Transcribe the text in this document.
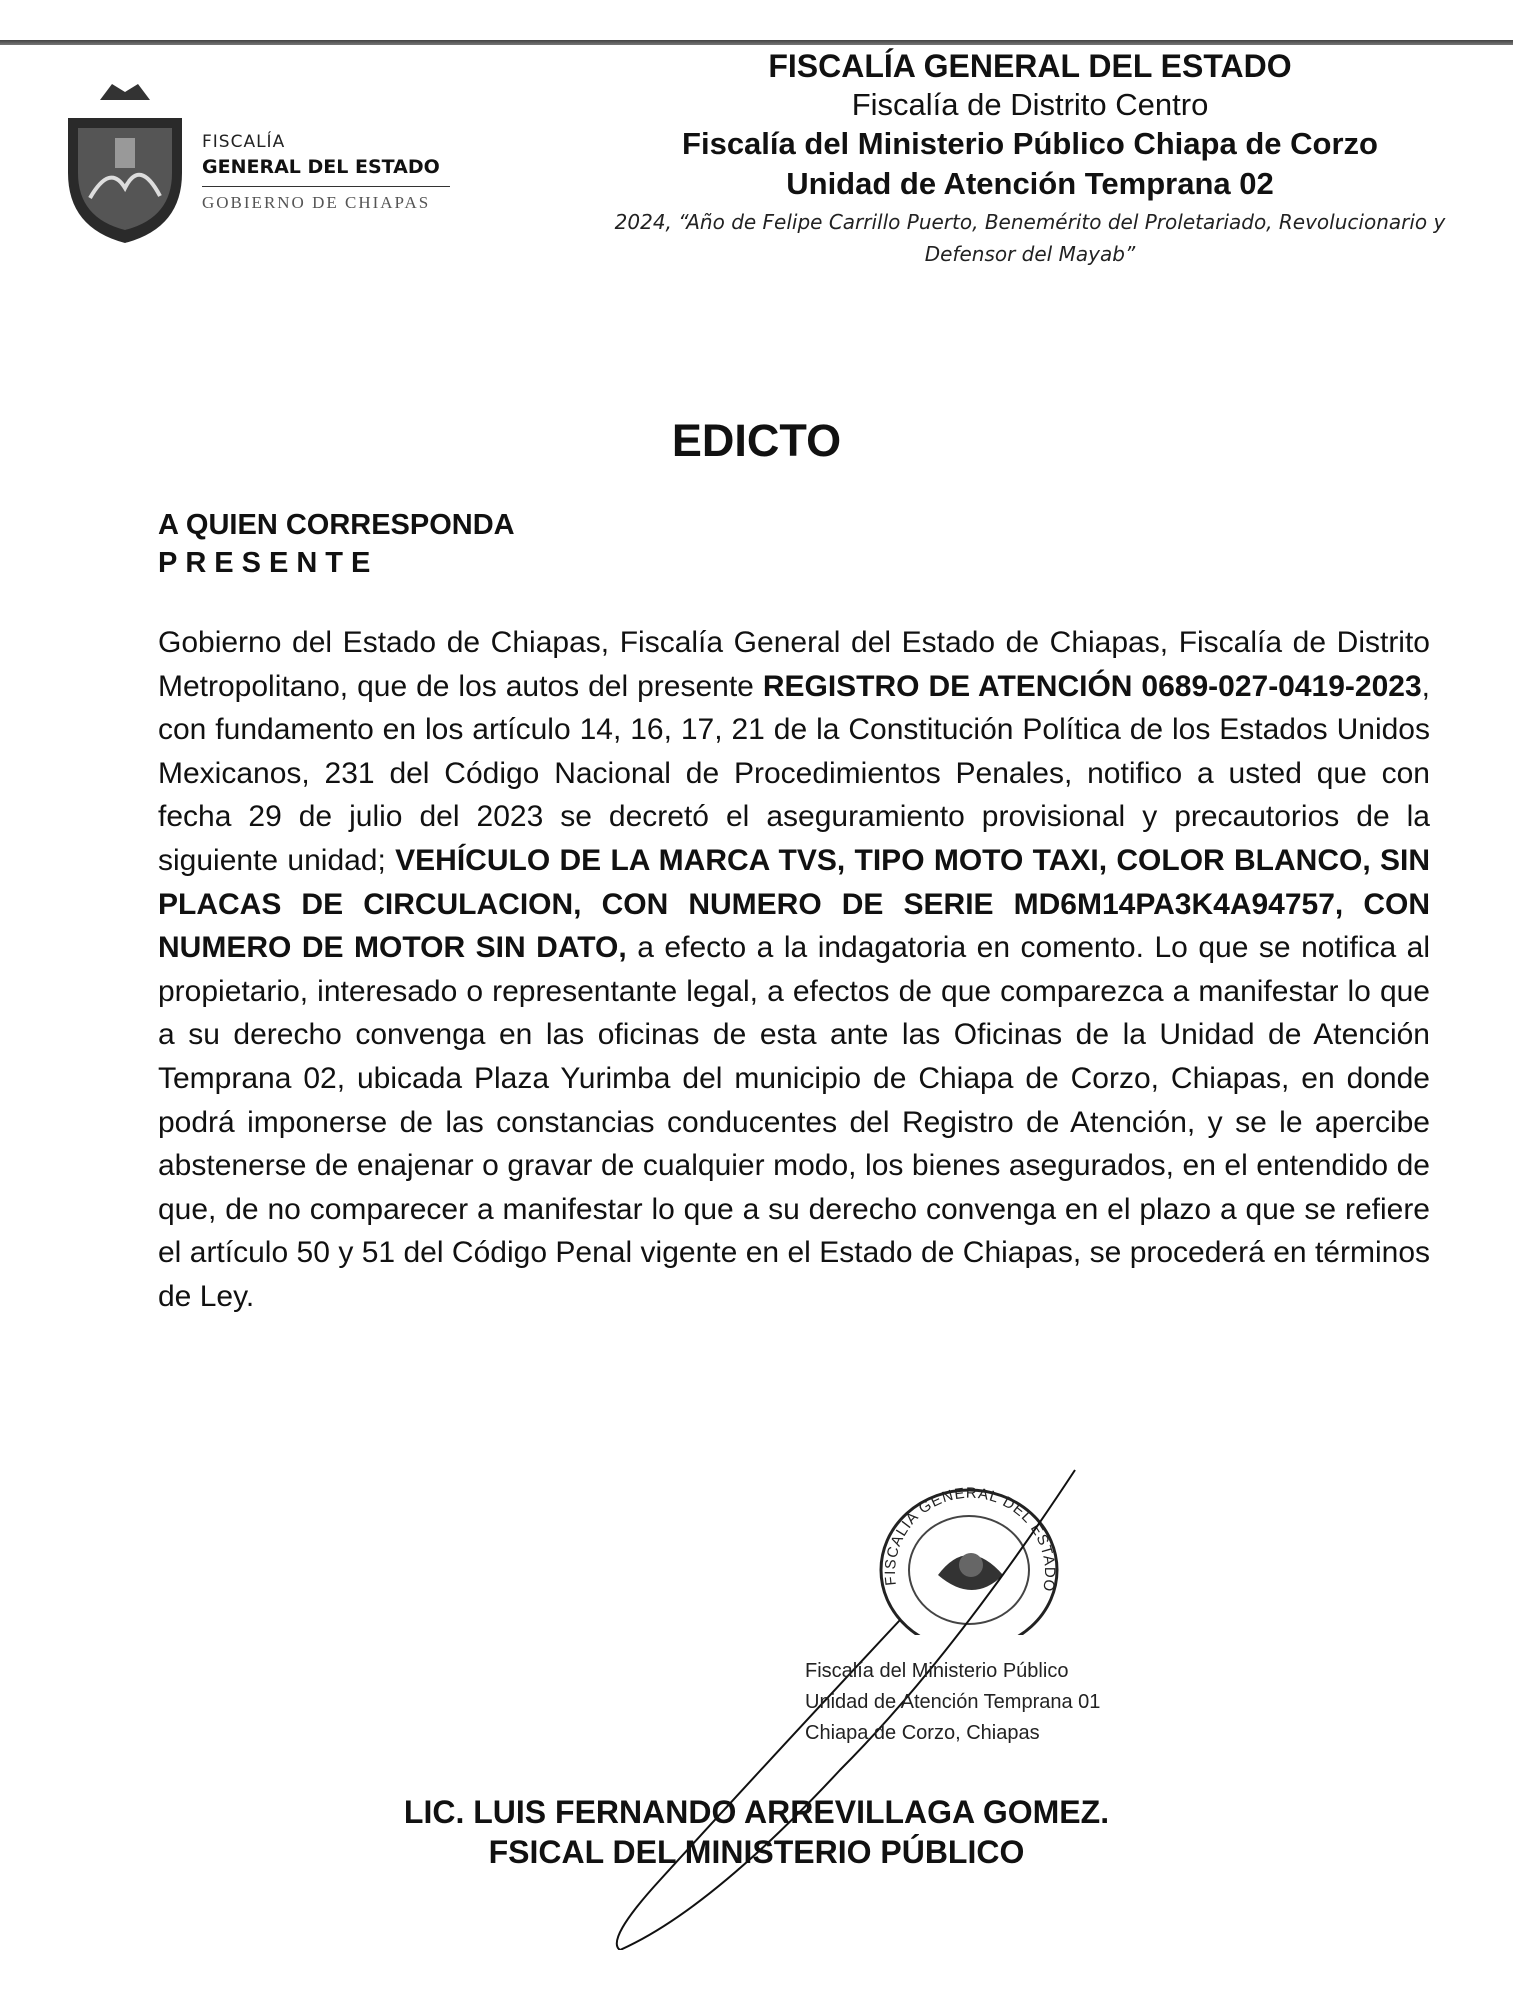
FISCALÍA
GENERAL DEL ESTADO
GOBIERNO DE CHIAPAS
FISCALÍA GENERAL DEL ESTADO
Fiscalía de Distrito Centro
Fiscalía del Ministerio Público Chiapa de Corzo
Unidad de Atención Temprana 02
2024, “Año de Felipe Carrillo Puerto, Benemérito del Proletariado, Revolucionario y
Defensor del Mayab”
EDICTO
A QUIEN CORRESPONDA
PRESENTE
Gobierno del Estado de Chiapas, Fiscalía General del Estado de Chiapas, Fiscalía de Distrito Metropolitano, que de los autos del presente REGISTRO DE ATENCIÓN 0689-027-0419-2023, con fundamento en los artículo 14, 16, 17, 21 de la Constitución Política de los Estados Unidos Mexicanos, 231 del Código Nacional de Procedimientos Penales, notifico a usted que con fecha 29 de julio del 2023 se decretó el aseguramiento provisional y precautorios de la siguiente unidad; VEHÍCULO DE LA MARCA TVS, TIPO MOTO TAXI, COLOR BLANCO, SIN PLACAS DE CIRCULACION, CON NUMERO DE SERIE MD6M14PA3K4A94757, CON NUMERO DE MOTOR SIN DATO, a efecto a la indagatoria en comento. Lo que se notifica al propietario, interesado o representante legal, a efectos de que comparezca a manifestar lo que a su derecho convenga en las oficinas de esta ante las Oficinas de la Unidad de Atención Temprana 02, ubicada Plaza Yurimba del municipio de Chiapa de Corzo, Chiapas, en donde podrá imponerse de las constancias conducentes del Registro de Atención, y se le apercibe abstenerse de enajenar o gravar de cualquier modo, los bienes asegurados, en el entendido de que, de no comparecer a manifestar lo que a su derecho convenga en el plazo a que se refiere el artículo 50 y 51 del Código Penal vigente en el Estado de Chiapas, se procederá en términos de Ley.
FISCALÍA GENERAL DEL ESTADO
LIC. LUIS FERNANDO ARREVILLAGA GOMEZ.
FSICAL DEL MINISTERIO PÚBLICO
Fiscalía del Ministerio Público
Unidad de Atención Temprana 01
Chiapa de Corzo, Chiapas
